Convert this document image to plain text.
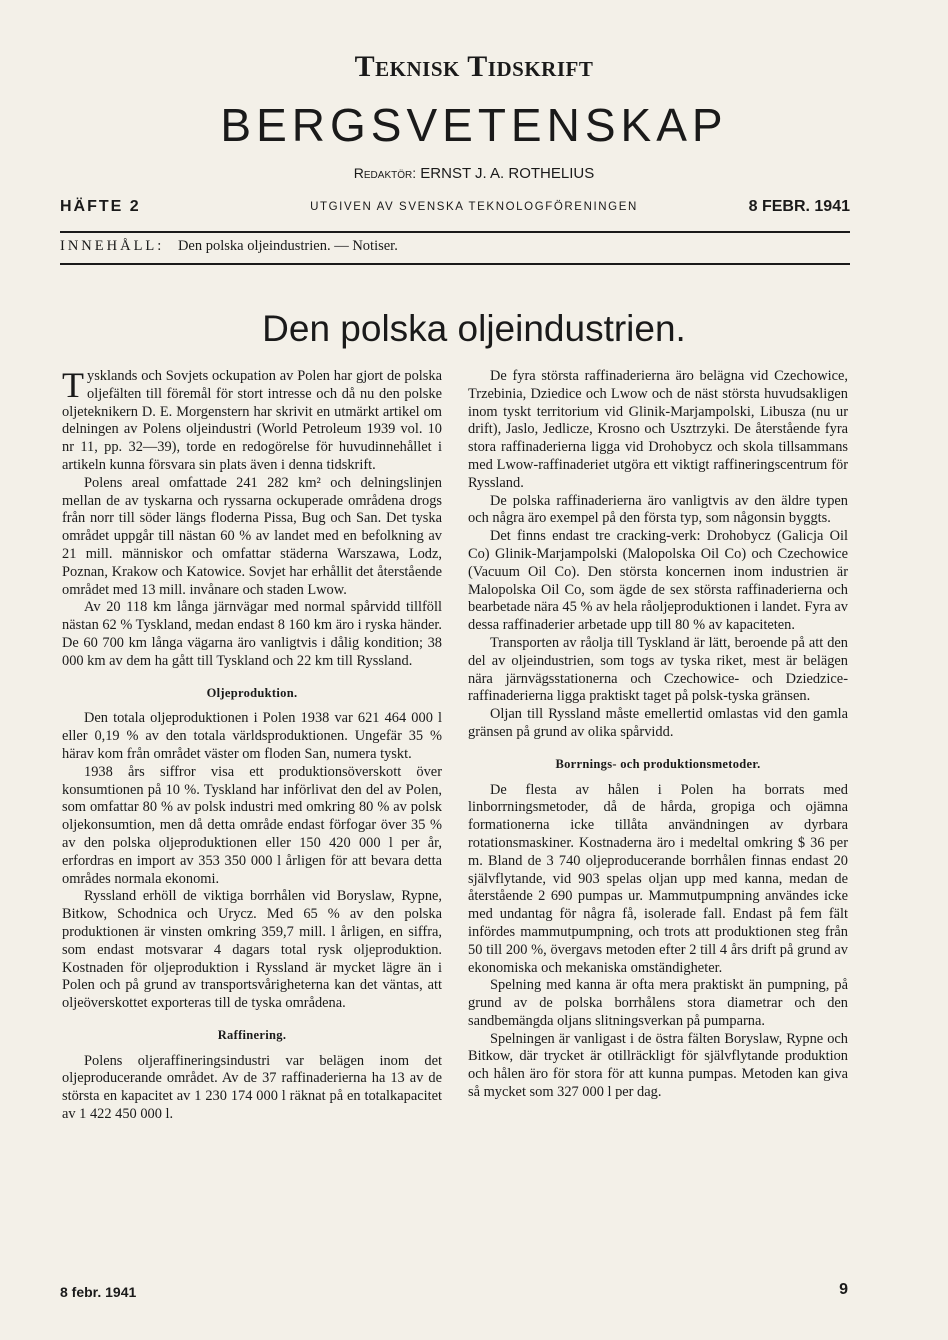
Teknisk Tidskrift
BERGSVETENSKAP
Redaktör: ERNST J. A. ROTHELIUS
HÄFTE 2	UTGIVEN AV SVENSKA TEKNOLOGFÖRENINGEN	8 FEBR. 1941
INNEHÅLL: Den polska oljeindustrien. — Notiser.
Den polska oljeindustrien.

Tysklands och Sovjets ockupation av Polen har gjort de polska oljefälten till föremål för stort intresse och då nu den polske oljeteknikern D. E. Morgenstern har skrivit en utmärkt artikel om delningen av Polens oljeindustri (World Petroleum 1939 vol. 10 nr 11, pp. 32—39), torde en redogörelse för huvudinnehållet i artikeln kunna försvara sin plats även i denna tidskrift.

Polens areal omfattade 241 282 km² och delningslinjen mellan de av tyskarna och ryssarna ockuperade områdena drogs från norr till söder längs floderna Pissa, Bug och San. Det tyska området uppgår till nästan 60 % av landet med en befolkning av 21 mill. människor och omfattar städerna Warszawa, Lodz, Poznan, Krakow och Katowice. Sovjet har erhållit det återstående området med 13 mill. invånare och staden Lwow.

Av 20 118 km långa järnvägar med normal spårvidd tillföll nästan 62 % Tyskland, medan endast 8 160 km äro i ryska händer. De 60 700 km långa vägarna äro vanligtvis i dålig kondition; 38 000 km av dem ha gått till Tyskland och 22 km till Ryssland.

Oljeproduktion.

Den totala oljeproduktionen i Polen 1938 var 621 464 000 l eller 0,19 % av den totala världsproduktionen. Ungefär 35 % härav kom från området väster om floden San, numera tyskt.

1938 års siffror visa ett produktionsöverskott över konsumtionen på 10 %. Tyskland har införlivat den del av Polen, som omfattar 80 % av polsk industri med omkring 80 % av polsk oljekonsumtion, men då detta område endast förfogar över 35 % av den polska oljeproduktionen eller 150 420 000 l per år, erfordras en import av 353 350 000 l årligen för att bevara detta områdes normala ekonomi.

Ryssland erhöll de viktiga borrhålen vid Boryslaw, Rypne, Bitkow, Schodnica och Urycz. Med 65 % av den polska produktionen är vinsten omkring 359,7 mill. l årligen, en siffra, som endast motsvarar 4 dagars total rysk oljeproduktion. Kostnaden för oljeproduktion i Ryssland är mycket lägre än i Polen och på grund av transportsvårigheterna kan det väntas, att oljeöverskottet exporteras till de tyska områdena.

Raffinering.

Polens oljeraffineringsindustri var belägen inom det oljeproducerande området. Av de 37 raffinaderierna ha 13 av de största en kapacitet av 1 230 174 000 l räknat på en totalkapacitet av 1 422 450 000 l.

De fyra största raffinaderierna äro belägna vid Czechowice, Trzebinia, Dziedice och Lwow och de näst största huvudsakligen inom tyskt territorium vid Glinik-Marjampolski, Libusza (nu ur drift), Jaslo, Jedlicze, Krosno och Usztrzyki. De återstående fyra stora raffinaderierna ligga vid Drohobycz och skola tillsammans med Lwow-raffinaderiet utgöra ett viktigt raffineringscentrum för Ryssland.

De polska raffinaderierna äro vanligtvis av den äldre typen och några äro exempel på den första typ, som någonsin byggts.

Det finns endast tre cracking-verk: Drohobycz (Galicja Oil Co) Glinik-Marjampolski (Malopolska Oil Co) och Czechowice (Vacuum Oil Co). Den största koncernen inom industrien är Malopolska Oil Co, som ägde de sex största raffinaderierna och bearbetade nära 45 % av hela råoljeproduktionen i landet. Fyra av dessa raffinaderier arbetade upp till 80 % av kapaciteten.

Transporten av råolja till Tyskland är lätt, beroende på att den del av oljeindustrien, som togs av tyska riket, mest är belägen nära järnvägsstationerna och Czechowice- och Dziedzice-raffinaderierna ligga praktiskt taget på polsk-tyska gränsen.

Oljan till Ryssland måste emellertid omlastas vid den gamla gränsen på grund av olika spårvidd.

Borrnings- och produktionsmetoder.

De flesta av hålen i Polen ha borrats med linborrningsmetoder, då de hårda, gropiga och ojämna formationerna icke tillåta användningen av dyrbara rotationsmaskiner. Kostnaderna äro i medeltal omkring $ 36 per m. Bland de 3 740 oljeproducerande borrhålen finnas endast 20 självflytande, vid 903 spelas oljan upp med kanna, medan de återstående 2 690 pumpas ur. Mammutpumpning användes icke med undantag för några få, isolerade fall. Endast på fem fält infördes mammutpumpning, och trots att produktionen steg från 50 till 200 %, övergavs metoden efter 2 till 4 års drift på grund av ekonomiska och mekaniska omständigheter.

Spelning med kanna är ofta mera praktiskt än pumpning, på grund av de polska borrhålens stora diametrar och den sandbemängda oljans slitningsverkan på pumparna.

Spelningen är vanligast i de östra fälten Boryslaw, Rypne och Bitkow, där trycket är otillräckligt för självflytande produktion och hålen äro för stora för att kunna pumpas. Metoden kan giva så mycket som 327 000 l per dag.

8 febr. 1941	9
